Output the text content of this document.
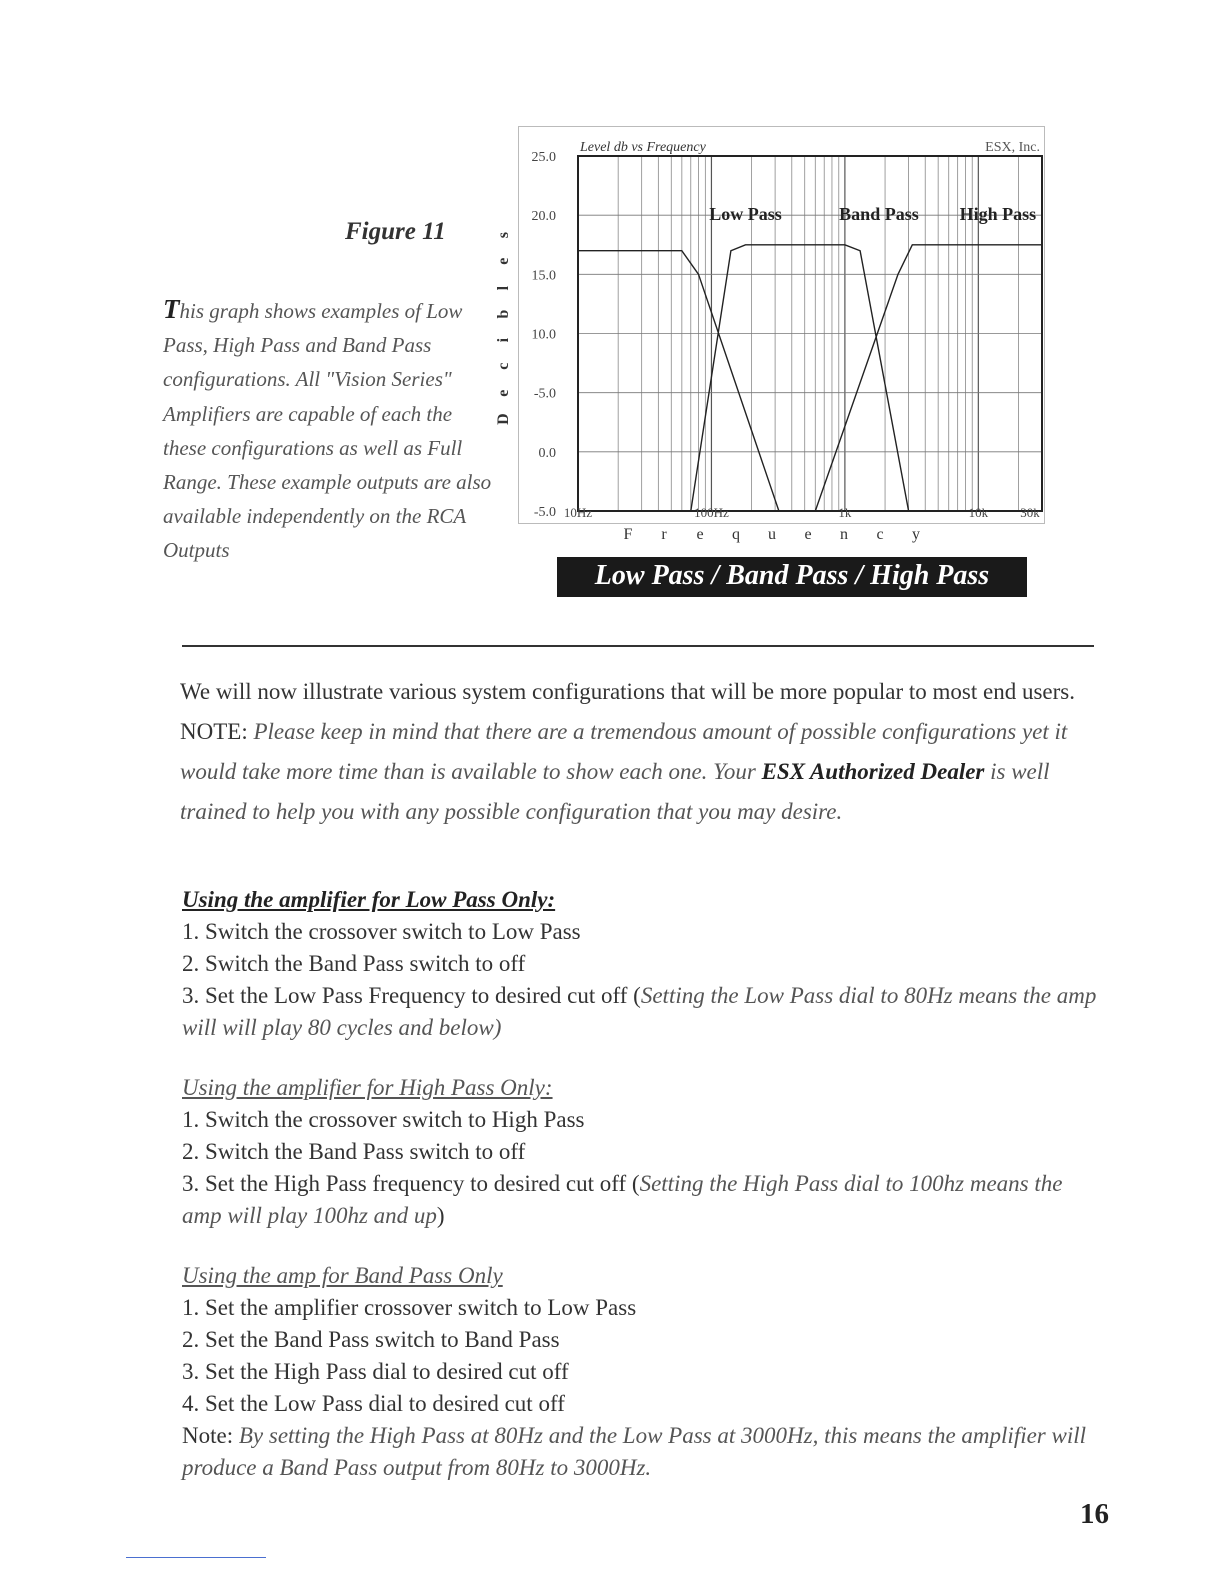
Figure 11
This graph shows examples of Low Pass, High Pass and Band Pass configurations. All "Vision Series" Amplifiers are capable of each the these configurations as well as Full Range. These example outputs are also available independently on the RCA Outputs
s
e
l
b
i
c
e
D
25.0
20.0
15.0
10.0
-5.0
0.0
-5.0 10Hz	100Hz	1k	10k 30k
Low Pass	Band Pass High Pass
Level db vs Frequency	ESX, Inc.
F r e q u e n c y
Low Pass / Band Pass / High Pass
We will now illustrate various system configurations that will be more popular to most end users. NOTE: Please keep in mind that there are a tremendous amount of possible configurations yet it would take more time than is available to show each one. Your ESX Authorized Dealer is well trained to help you with any possible configuration that you may desire.
Using the amplifier for Low Pass Only:
1. Switch the crossover switch to Low Pass
2. Switch the Band Pass switch to off
3. Set the Low Pass Frequency to desired cut off (Setting the Low Pass dial to 80Hz means the amp will will play 80 cycles and below)
Using the amplifier for High Pass Only:
1. Switch the crossover switch to High Pass
2. Switch the Band Pass switch to off
3. Set the High Pass frequency to desired cut off (Setting the High Pass dial to 100hz means the amp will play 100hz and up)
Using the amp for Band Pass Only
1. Set the amplifier crossover switch to Low Pass
2. Set the Band Pass switch to Band Pass
3. Set the High Pass dial to desired cut off
4. Set the Low Pass dial to desired cut off
Note: By setting the High Pass at 80Hz and the Low Pass at 3000Hz, this means the amplifier will produce a Band Pass output from 80Hz to 3000Hz.
16
